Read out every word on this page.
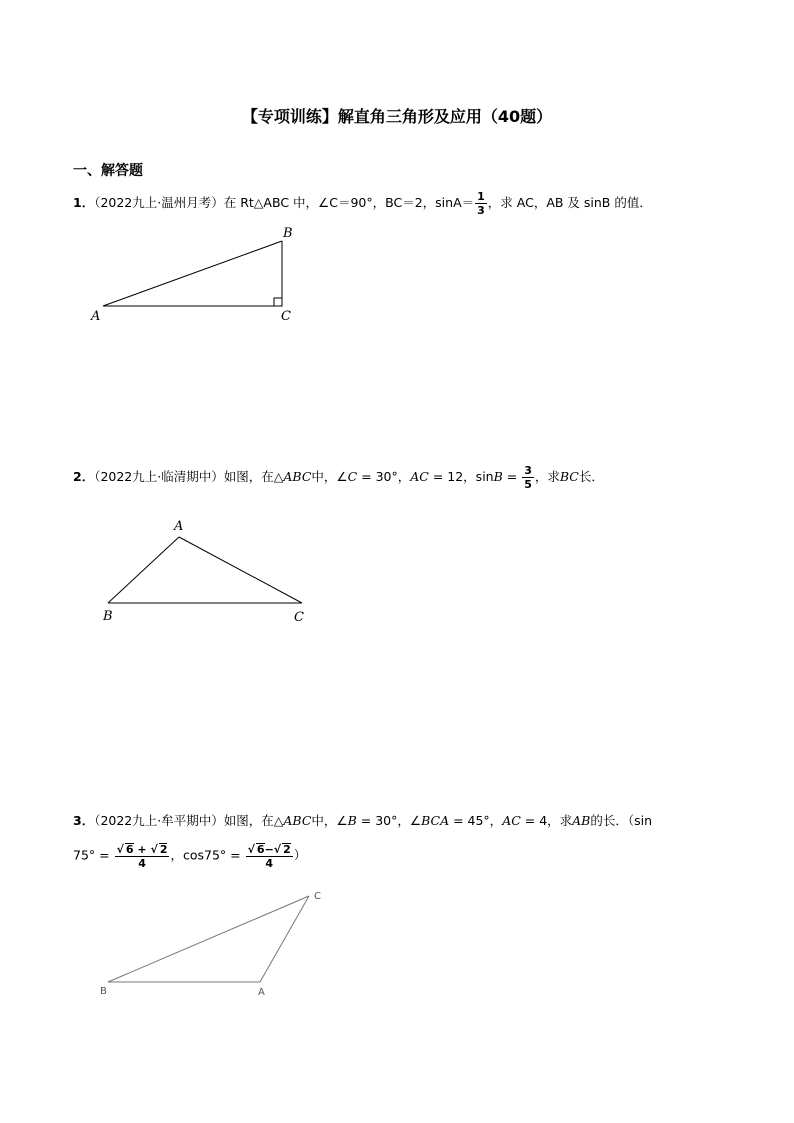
【专项训练】解直角三角形及应用（40题）
一、解答题
1．（2022九上·温州月考）在 Rt△ABC 中，∠C＝90°，BC＝2，$\sin A= \frac{1}{3}$ ，求 AC，AB 及 sinB 的值．
A
B
C
2．（2022九上·临清期中）如图，在△ABC中，∠C = 30°，AC = 12，$\sin B = \frac{3}{5}$ ，求BC长．
A
B	C
3．（2022九上·牟平期中）如图，在△ABC中，∠B = 30°，∠BCA = 45°，AC = 4，求AB的长．（sin
$75^\circ = \frac{√ 6 + √ 2}{4}$ ，$\cos 75^\circ = \frac{√ 6-√ 2}{4}$ ）
B	A
C
